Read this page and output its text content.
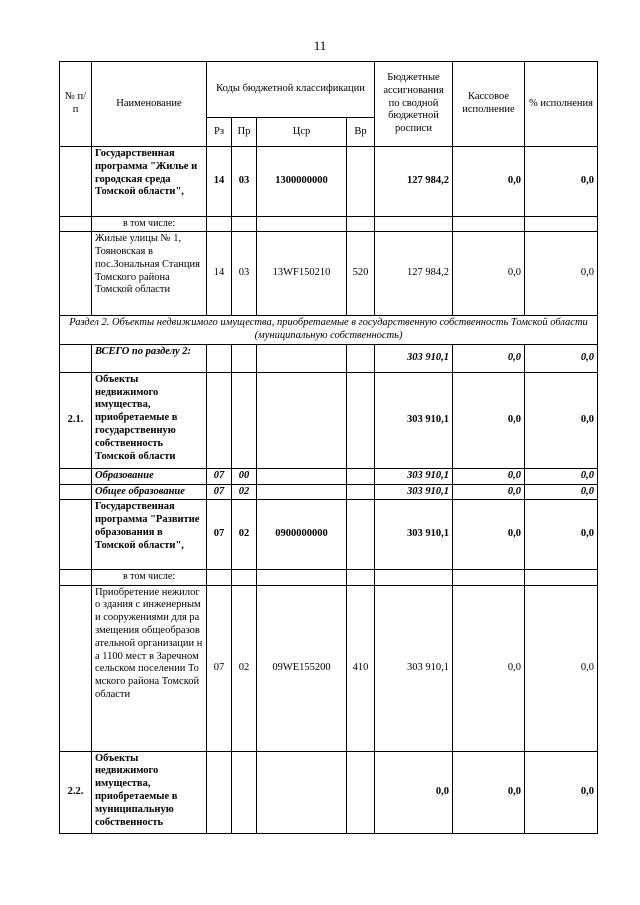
11
№ п/п	Наименование	Коды бюджетной классификации				Бюджетные ассигнования по сводной бюджетной росписи	Кассовое исполнение	% исполнения
		Рз	Пр	Цср	Вр			
	Государственная программа "Жилье и городская среда Томской области",	14	03	1300000000		127 984,2	0,0	0,0
	в том числе:							
	Жилые улицы № 1, Тояновская в пос.Зональная Станция Томского района Томской области	14	03	13WF150210	520	127 984,2	0,0	0,0
Раздел 2. Объекты недвижимого имущества, приобретаемые в государственную собственность Томской области (муниципальную собственность)								
	ВСЕГО по разделу 2:					303 910,1	0,0	0,0
2.1.	Объекты недвижимого имущества, приобретаемые в государственную собственность Томской области					303 910,1	0,0	0,0
	Образование	07	00			303 910,1	0,0	0,0
	Общее образование	07	02			303 910,1	0,0	0,0
	Государственная программа "Развитие образования в Томской области",	07	02	0900000000		303 910,1	0,0	0,0
	в том числе:							
	Приобретение нежилого здания с инженерными сооружениями для размещения общеобразовательной организации на 1100 мест в Заречном сельском поселении Томского района Томской области	07	02	09WE155200	410	303 910,1	0,0	0,0
2.2.	Объекты недвижимого имущества, приобретаемые в муниципальную собственность					0,0	0,0	0,0
